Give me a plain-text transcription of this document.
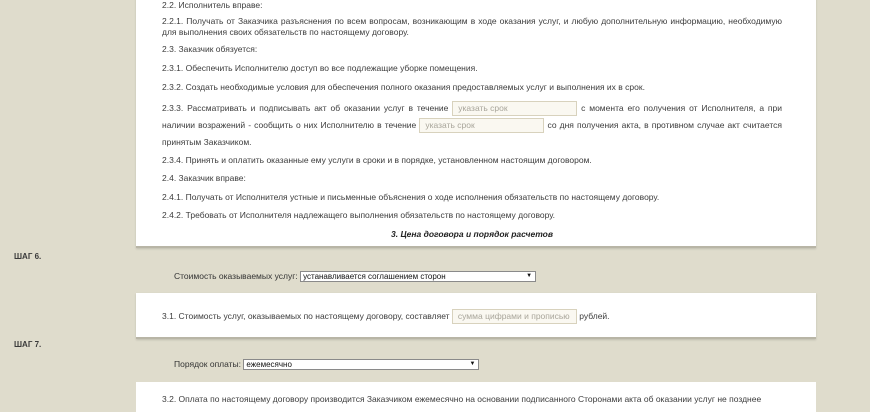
2.2. Исполнитель вправе:

2.2.1. Получать от Заказчика разъяснения по всем вопросам, возникающим в ходе оказания услуг, и любую дополнительную информацию, необходимую для выполнения своих обязательств по настоящему договору.

2.3. Заказчик обязуется:

2.3.1. Обеспечить Исполнителю доступ во все подлежащие уборке помещения.

2.3.2. Создать необходимые условия для обеспечения полного оказания предоставляемых услуг и выполнения их в срок.

2.3.3. Рассматривать и подписывать акт об оказании услуг в течение указать срок	с момента его получения от Исполнителя, а при наличии возражений - сообщить о них Исполнителю в течение указать срок	со дня получения акта, в противном случае акт считается принятым Заказчиком.

2.3.4. Принять и оплатить оказанные ему услуги в сроки и в порядке, установленном настоящим договором.

2.4. Заказчик вправе:

2.4.1. Получать от Исполнителя устные и письменные объяснения о ходе исполнения обязательств по настоящему договору.

2.4.2. Требовать от Исполнителя надлежащего выполнения обязательств по настоящему договору.

3. Цена договора и порядок расчетов

ШАГ 6.
Стоимость оказываемых услуг: устанавливается соглашением сторон	▼
3.1. Стоимость услуг, оказываемых по настоящему договору, составляет сумма цифрами и прописью рублей.
ШАГ 7.
Порядок оплаты: ежемесячно	▼

3.2. Оплата по настоящему договору производится Заказчиком ежемесячно на основании подписанного Сторонами акта об оказании услуг не позднее
